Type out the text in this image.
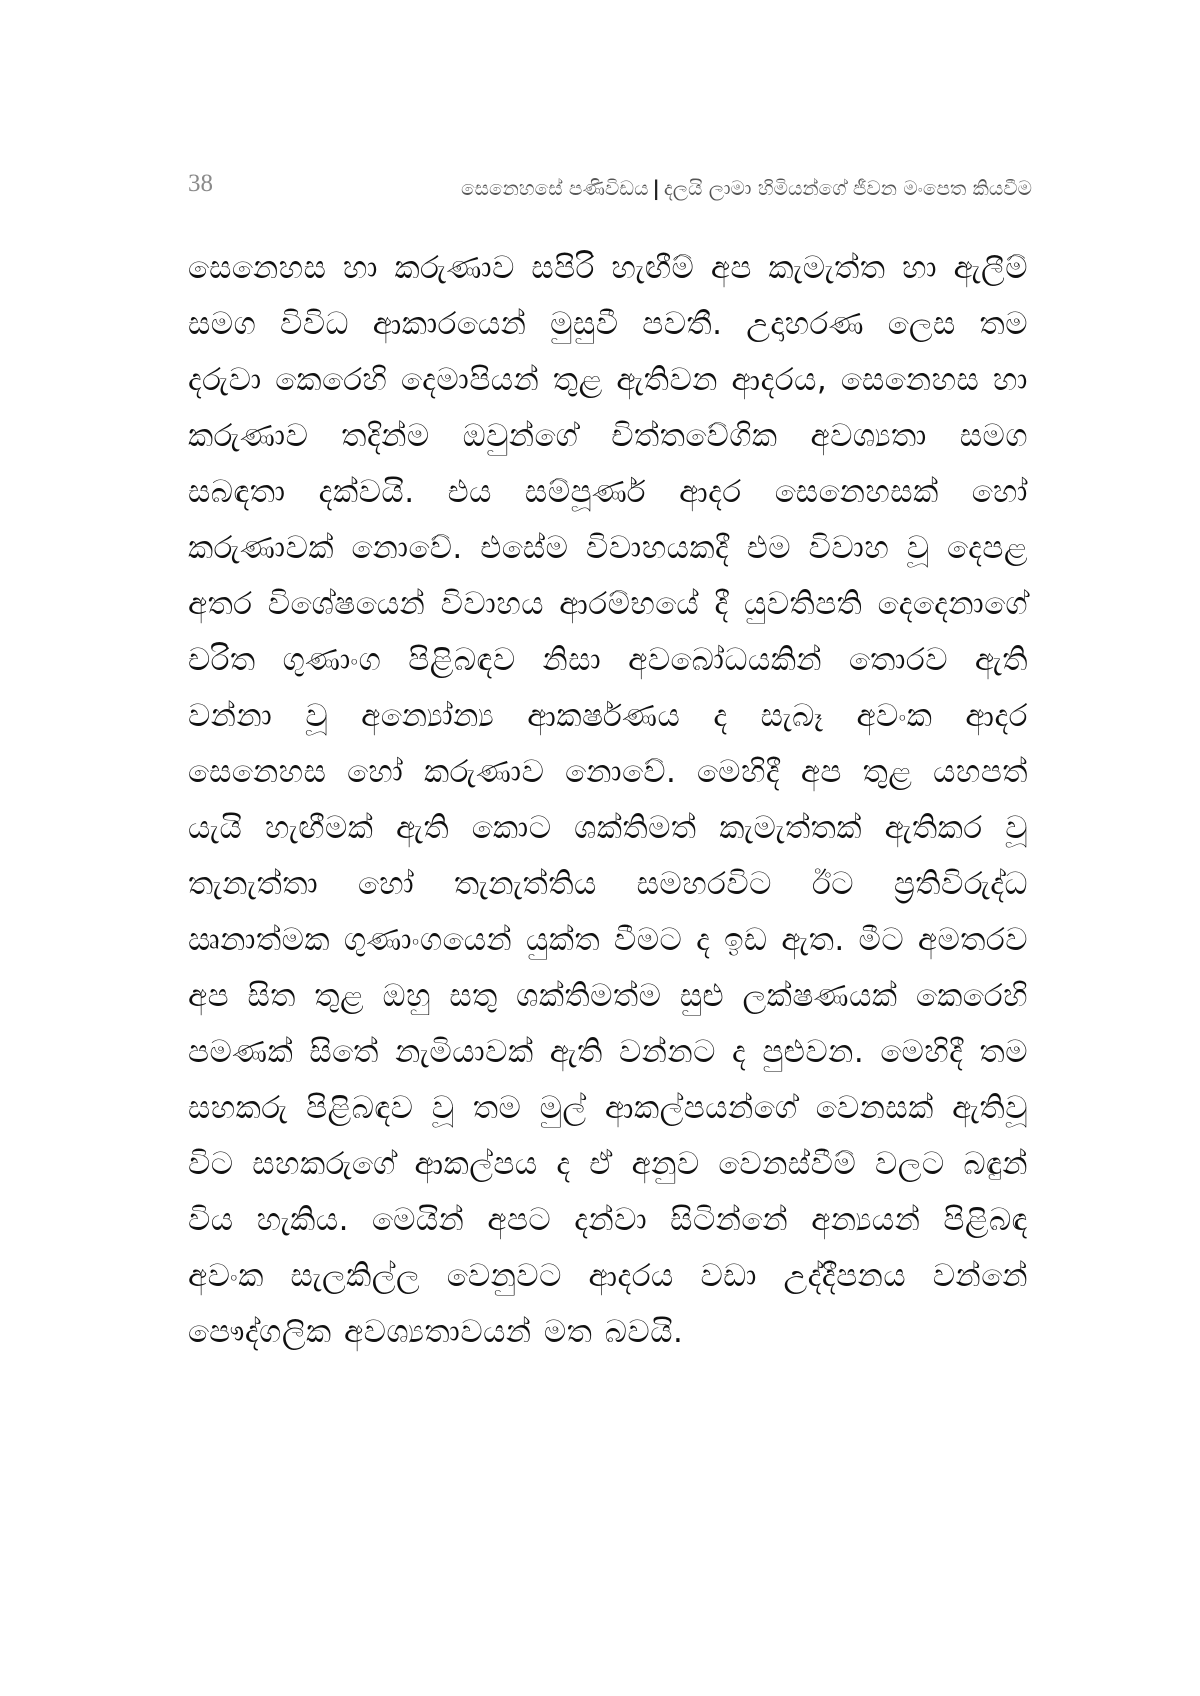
38	සෙනෙහසේ පණිවිඩය | දලයි ලාමා හිමියන්ගේ ජීවන මංපෙත කියවීම

සෙනෙහස හා කරුණාව සපිරි හැඟීම් අප කැමැත්ත හා ඇලීම් සමග විවිධ ආකාරයෙන් මුසුවී පවතී. උදාහරණ ලෙස තම දරුවා කෙරෙහි දෙමාපියන් තුළ ඇතිවන ආදරය, සෙනෙහස හා කරුණාව තදින්ම ඔවුන්ගේ චිත්තවේගික අවශ්‍යතා සමග සබඳතා දක්වයි. එය සම්පූර්ණ ආදර සෙනෙහසක් හෝ කරුණාවක් නොවේ. එසේම විවාහයකදී එම විවාහ වූ දෙපළ අතර විශේෂයෙන් විවාහය ආරම්භයේ දී යුවතිපති දෙදෙනාගේ චරිත ගුණාංග පිළිබඳව නිසා අවබෝධයකින් තොරව ඇති වන්නා වූ අන්‍යෝන්‍ය ආකර්ෂණය ද සැබෑ අවංක ආදර සෙනෙහස හෝ කරුණාව නොවේ. මෙහිදී අප තුළ යහපත් යැයි හැඟීමක් ඇති කොට ශක්තිමත් කැමැත්තක් ඇතිකර වූ තැනැත්තා හෝ තැනැත්තිය සමහරවිට ඊට ප්‍රතිවිරුද්ධ ඍනාත්මක ගුණාංගයෙන් යුක්ත වීමට ද ඉඩ ඇත. මීට අමතරව අප සිත තුළ ඔහු සතු ශක්තිමත්ම සුළු ලක්ෂණයක් කෙරෙහි පමණක් සිතේ නැමියාවක් ඇති වන්නට ද පුළුවන. මෙහිදී තම සහකරු පිළිබඳව වූ තම මුල් ආකල්පයන්ගේ වෙනසක් ඇතිවූ විට සහකරුගේ ආකල්පය ද ඒ අනුව වෙනස්වීම් වලට බඳුන් විය හැකිය. මෙයින් අපට දන්වා සිටින්නේ අන්‍යයන් පිළිබඳ අවංක සැලකිල්ල වෙනුවට ආදරය වඩා උද්දීපනය වන්නේ පෞද්ගලික අවශ්‍යතාවයන් මත බවයි.
